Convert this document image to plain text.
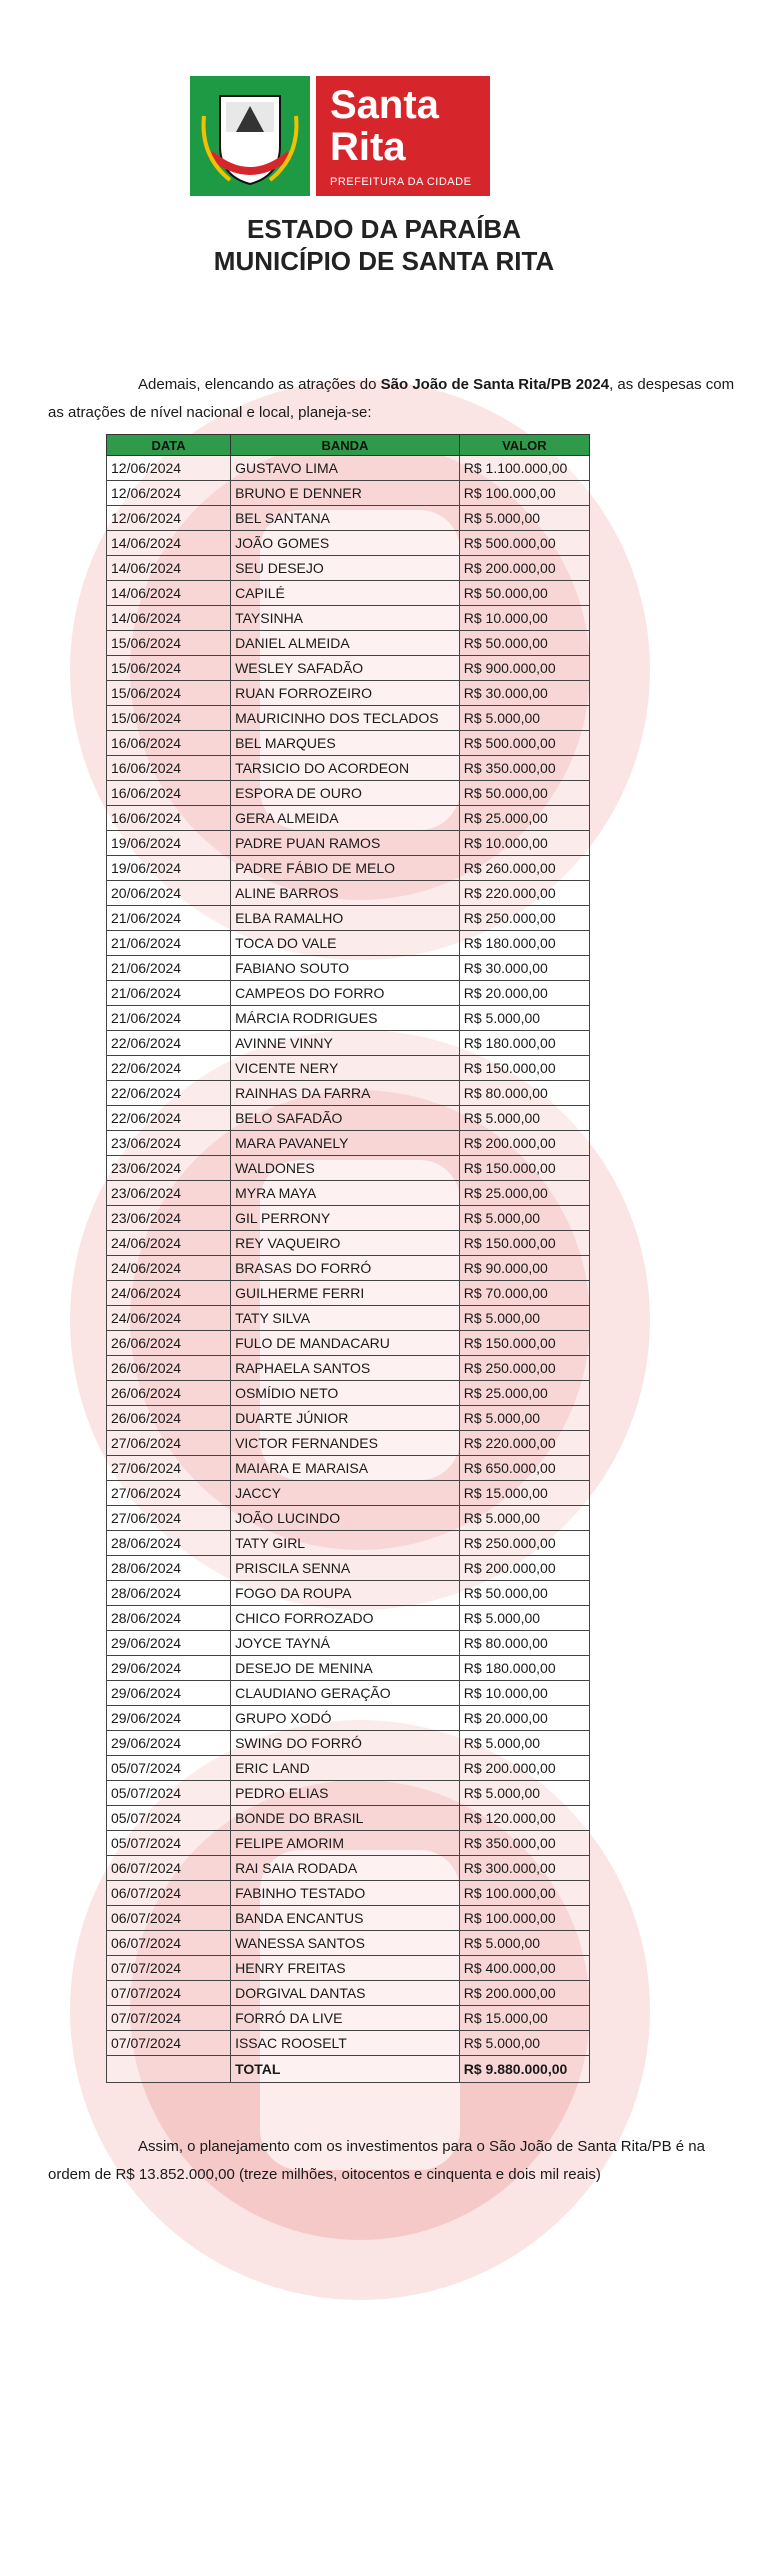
Santa
Rita
PREFEITURA DA CIDADE
ESTADO DA PARAÍBA
MUNICÍPIO DE SANTA RITA

Ademais, elencando as atrações do São João de Santa Rita/PB 2024, as despesas com as atrações de nível nacional e local, planeja-se:

DATA	BANDA	VALOR
12/06/2024	GUSTAVO LIMA	R$ 1.100.000,00
12/06/2024	BRUNO E DENNER	R$ 100.000,00
12/06/2024	BEL SANTANA	R$ 5.000,00
14/06/2024	JOÃO GOMES	R$ 500.000,00
14/06/2024	SEU DESEJO	R$ 200.000,00
14/06/2024	CAPILÉ	R$ 50.000,00
14/06/2024	TAYSINHA	R$ 10.000,00
15/06/2024	DANIEL ALMEIDA	R$ 50.000,00
15/06/2024	WESLEY SAFADÃO	R$ 900.000,00
15/06/2024	RUAN FORROZEIRO	R$ 30.000,00
15/06/2024	MAURICINHO DOS TECLADOS	R$ 5.000,00
16/06/2024	BEL MARQUES	R$ 500.000,00
16/06/2024	TARSICIO DO ACORDEON	R$ 350.000,00
16/06/2024	ESPORA DE OURO	R$ 50.000,00
16/06/2024	GERA ALMEIDA	R$ 25.000,00
19/06/2024	PADRE PUAN RAMOS	R$ 10.000,00
19/06/2024	PADRE FÁBIO DE MELO	R$ 260.000,00
20/06/2024	ALINE BARROS	R$ 220.000,00
21/06/2024	ELBA RAMALHO	R$ 250.000,00
21/06/2024	TOCA DO VALE	R$ 180.000,00
21/06/2024	FABIANO SOUTO	R$ 30.000,00
21/06/2024	CAMPEOS DO FORRO	R$ 20.000,00
21/06/2024	MÁRCIA RODRIGUES	R$ 5.000,00
22/06/2024	AVINNE VINNY	R$ 180.000,00
22/06/2024	VICENTE NERY	R$ 150.000,00
22/06/2024	RAINHAS DA FARRA	R$ 80.000,00
22/06/2024	BELO SAFADÃO	R$ 5.000,00
23/06/2024	MARA PAVANELY	R$ 200.000,00
23/06/2024	WALDONES	R$ 150.000,00
23/06/2024	MYRA MAYA	R$ 25.000,00
23/06/2024	GIL PERRONY	R$ 5.000,00
24/06/2024	REY VAQUEIRO	R$ 150.000,00
24/06/2024	BRASAS DO FORRÓ	R$ 90.000,00
24/06/2024	GUILHERME FERRI	R$ 70.000,00
24/06/2024	TATY SILVA	R$ 5.000,00
26/06/2024	FULO DE MANDACARU	R$ 150.000,00
26/06/2024	RAPHAELA SANTOS	R$ 250.000,00
26/06/2024	OSMÍDIO NETO	R$ 25.000,00
26/06/2024	DUARTE JÚNIOR	R$ 5.000,00
27/06/2024	VICTOR FERNANDES	R$ 220.000,00
27/06/2024	MAIARA E MARAISA	R$ 650.000,00
27/06/2024	JACCY	R$ 15.000,00
27/06/2024	JOÃO LUCINDO	R$ 5.000,00
28/06/2024	TATY GIRL	R$ 250.000,00
28/06/2024	PRISCILA SENNA	R$ 200.000,00
28/06/2024	FOGO DA ROUPA	R$ 50.000,00
28/06/2024	CHICO FORROZADO	R$ 5.000,00
29/06/2024	JOYCE TAYNÁ	R$ 80.000,00
29/06/2024	DESEJO DE MENINA	R$ 180.000,00
29/06/2024	CLAUDIANO GERAÇÃO	R$ 10.000,00
29/06/2024	GRUPO XODÓ	R$ 20.000,00
29/06/2024	SWING DO FORRÓ	R$ 5.000,00
05/07/2024	ERIC LAND	R$ 200.000,00
05/07/2024	PEDRO ELIAS	R$ 5.000,00
05/07/2024	BONDE DO BRASIL	R$ 120.000,00
05/07/2024	FELIPE AMORIM	R$ 350.000,00
06/07/2024	RAI SAIA RODADA	R$ 300.000,00
06/07/2024	FABINHO TESTADO	R$ 100.000,00
06/07/2024	BANDA ENCANTUS	R$ 100.000,00
06/07/2024	WANESSA SANTOS	R$ 5.000,00
07/07/2024	HENRY FREITAS	R$ 400.000,00
07/07/2024	DORGIVAL DANTAS	R$ 200.000,00
07/07/2024	FORRÓ DA LIVE	R$ 15.000,00
07/07/2024	ISSAC ROOSELT	R$ 5.000,00
	TOTAL	R$ 9.880.000,00

Assim, o planejamento com os investimentos para o São João de Santa Rita/PB é na ordem de R$ 13.852.000,00 (treze milhões, oitocentos e cinquenta e dois mil reais)
